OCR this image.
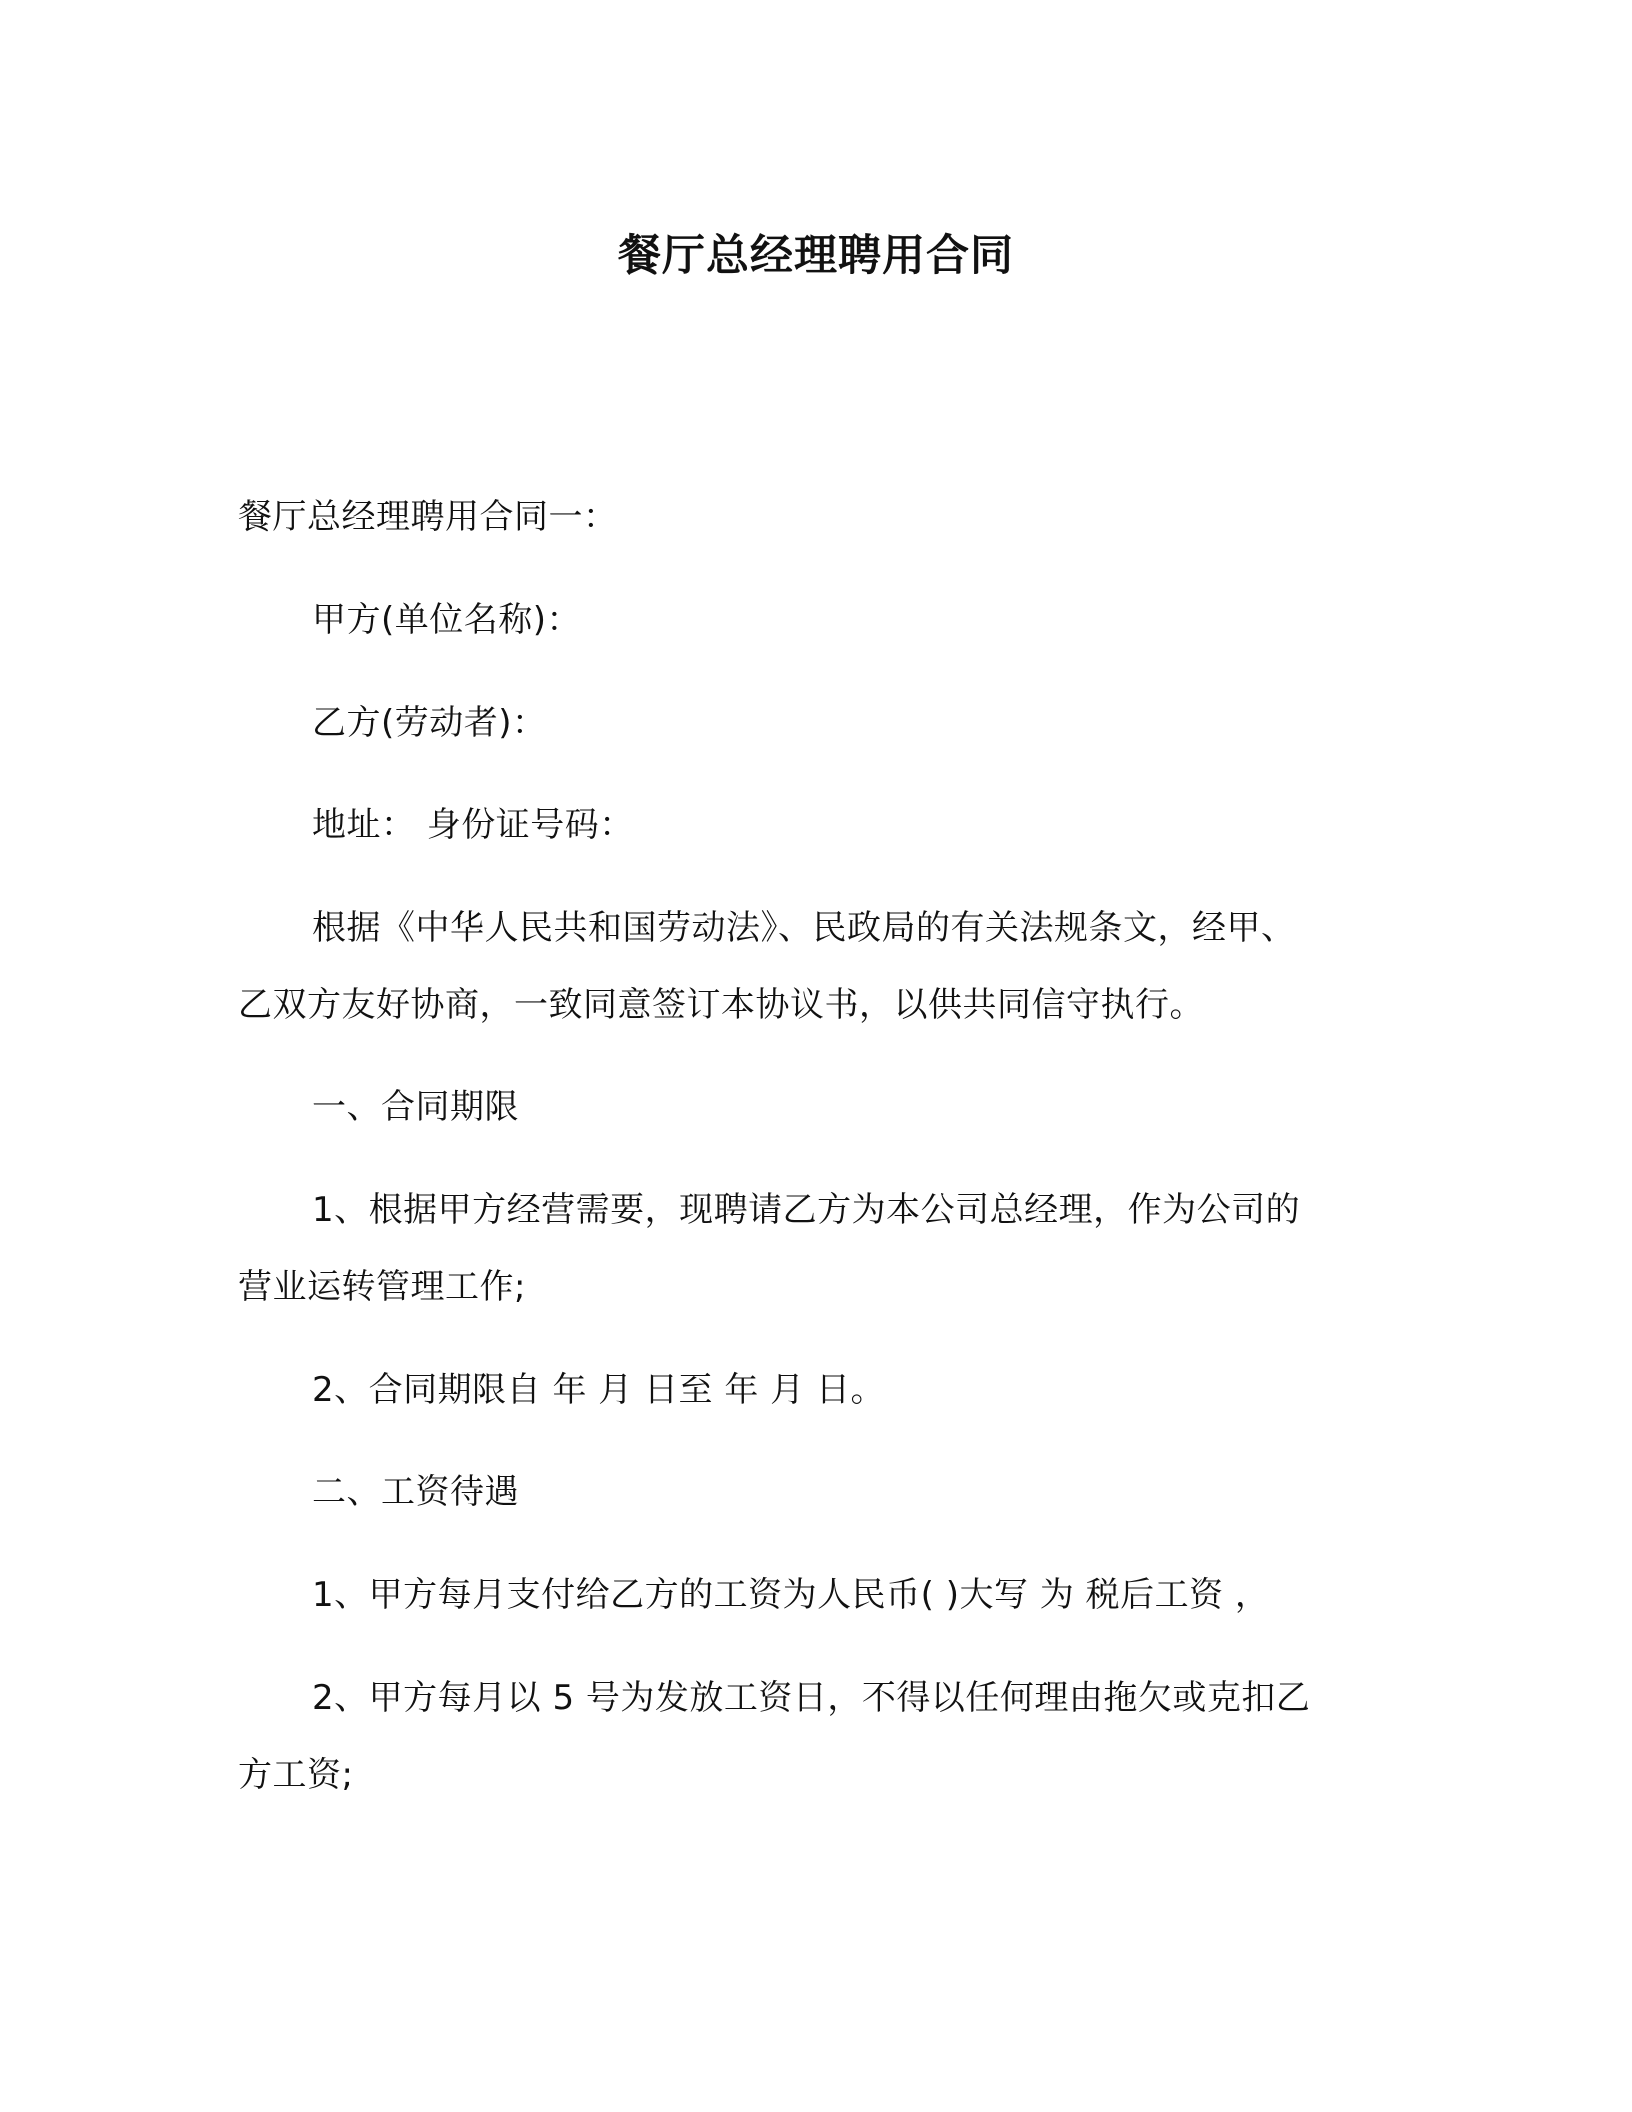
餐厅总经理聘用合同
餐厅总经理聘用合同一：
甲方(单位名称)：
乙方(劳动者)：
地址： 身份证号码：
根据《中华人民共和国劳动法》、民政局的有关法规条文，经甲、
乙双方友好协商，一致同意签订本协议书，以供共同信守执行。
一、合同期限
1、根据甲方经营需要，现聘请乙方为本公司总经理，作为公司的
营业运转管理工作;
2、合同期限自 年 月 日至 年 月 日。
二、工资待遇
1、甲方每月支付给乙方的工资为人民币( )大写 为 税后工资 ，
2、甲方每月以 5 号为发放工资日，不得以任何理由拖欠或克扣乙
方工资;
